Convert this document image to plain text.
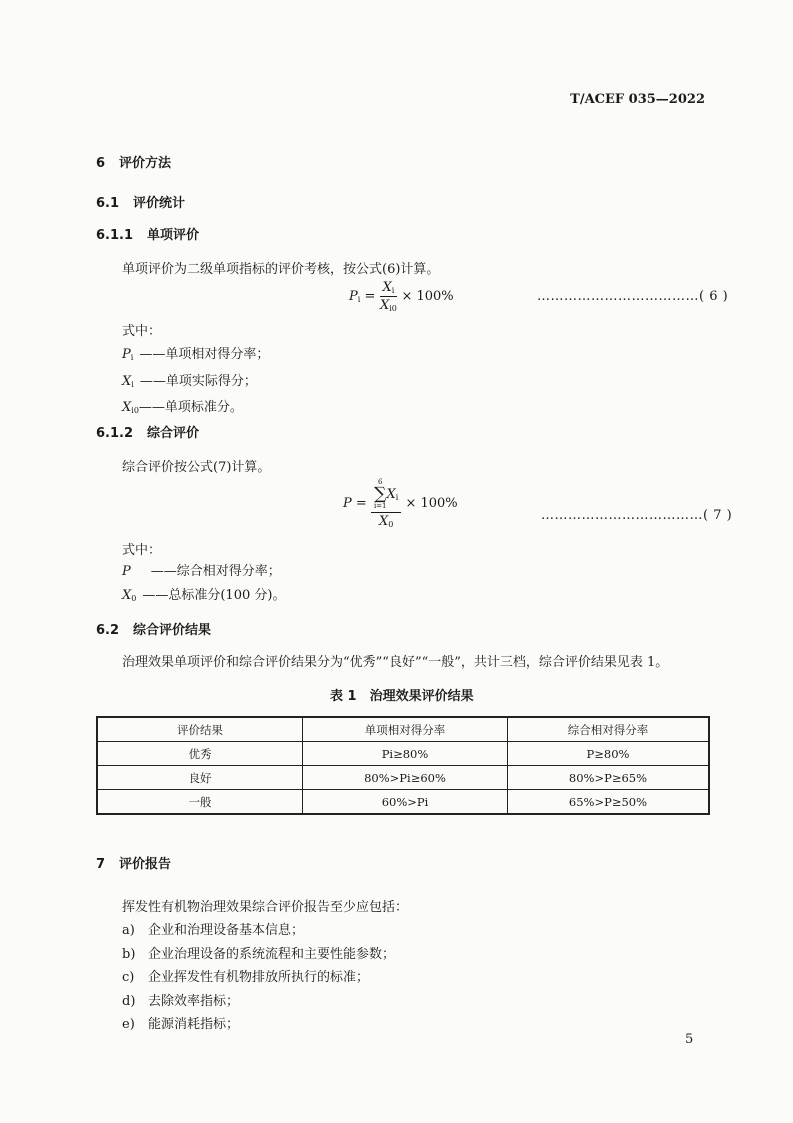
T/ACEF 035—2022
6 评价方法
6.1 评价统计
6.1.1 单项评价
单项评价为二级单项指标的评价考核，按公式(6)计算。
$P_i = \frac{X_i}{X_{i0}} \times 100\%$	………………………………( 6 )
式中：
$P_i$ ——单项相对得分率；
$X_i$ ——单项实际得分；
$X_{i0}——$单项标准分。
6.1.2 综合评价
综合评价按公式(7)计算。
P = 6
∑
i=1
$X_i$
$X_0 \times 100\%$
………………………………( 7 )
式中：
P ——综合相对得分率；
$X_0$ ——总标准分(100 分)。
6.2 综合评价结果
治理效果单项评价和综合评价结果分为“优秀”“良好”“一般”，共计三档，综合评价结果见表 1。
表 1　治理效果评价结果
评价结果	单项相对得分率	综合相对得分率
优秀	Pi≥80%	P≥80%
良好	80%>Pi≥60%	80%>P≥65%
一般	60%>Pi	65%>P≥50%
7 评价报告
挥发性有机物治理效果综合评价报告至少应包括：
a) 企业和治理设备基本信息；
b) 企业治理设备的系统流程和主要性能参数；
c) 企业挥发性有机物排放所执行的标准；
d) 去除效率指标；
e) 能源消耗指标；
5
